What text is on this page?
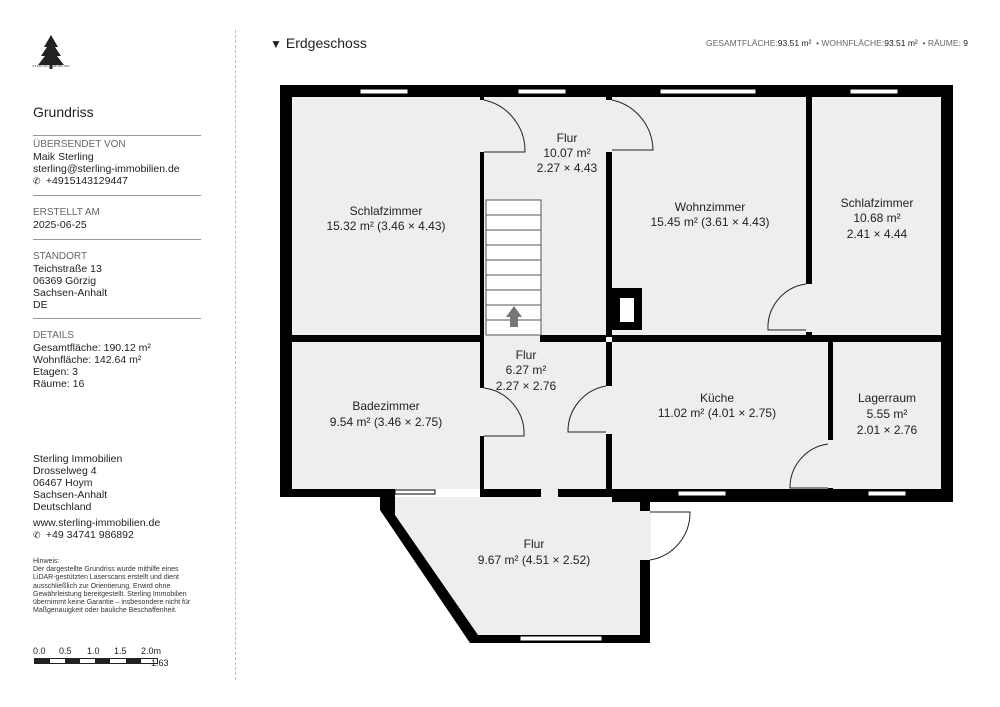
STERLING IMMOBILIEN
Grundriss
ÜBERSENDET VON
Maik Sterling
sterling@sterling-immobilien.de
✆ +4915143129447
ERSTELLT AM
2025-06-25
STANDORT
Teichstraße 13
06369 Görzig
Sachsen-Anhalt
DE
DETAILS
Gesamtfläche: 190.12 m²
Wohnfläche: 142.64 m²
Etagen: 3
Räume: 16
Sterling Immobilien
Drosselweg 4
06467 Hoym
Sachsen-Anhalt
Deutschland
www.sterling-immobilien.de
✆ +49 34741 986892
Hinweis:
Der dargestellte Grundriss wurde mithilfe eines LiDAR-gestützten Laserscans erstellt und dient ausschließlich zur Orientierung. Erwird ohne Gewährleistung bereitgestellt. Sterling Immobilien übernimmt keine Garantie – insbesondere nicht für Maßgenauigkeit oder bauliche Beschaffenheit.
0.0 0.5 1.0 1.5 2.0m
1:63
▼ Erdgeschoss	GESAMTFLÄCHE:93.51 m²  • WOHNFLÄCHE:93.51 m²  • RÄUME: 9
Flur
10.07 m²
2.27 × 4.43
Schlafzimmer
15.32 m² (3.46 × 4.43)
Wohnzimmer
15.45 m² (3.61 × 4.43)
Schlafzimmer
10.68 m²
2.41 × 4.44
Flur
6.27 m²
2.27 × 2.76
Badezimmer
9.54 m² (3.46 × 2.75)
Küche
11.02 m² (4.01 × 2.75)
Lagerraum
5.55 m²
2.01 × 2.76
Flur
9.67 m² (4.51 × 2.52)
